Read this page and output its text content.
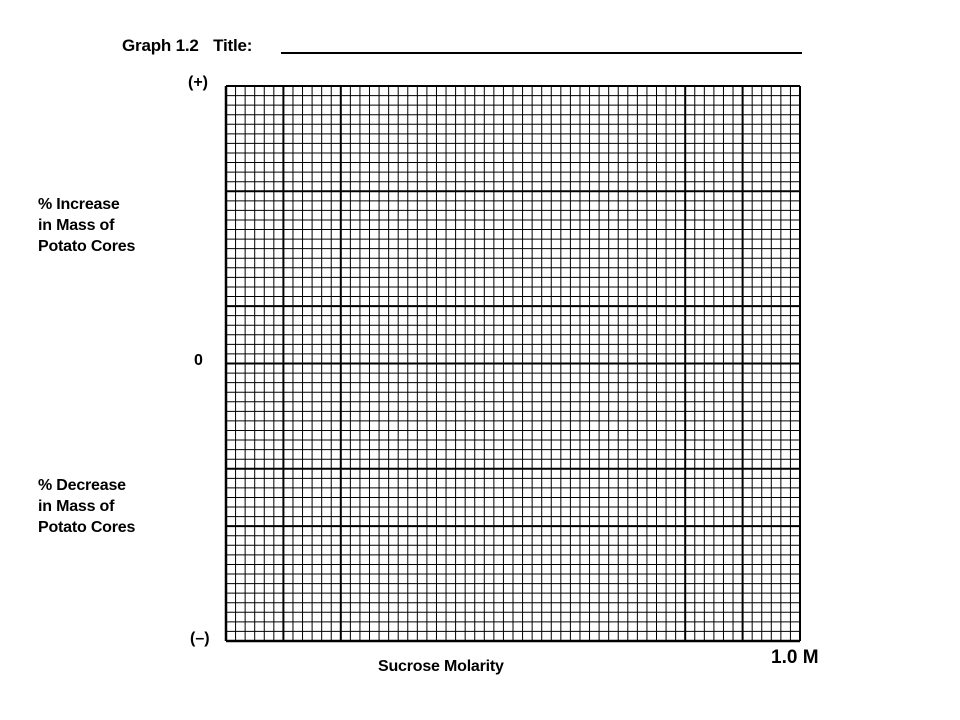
Graph 1.2 Title:
(+)
0
(–)
% Increase
in Mass of
Potato Cores
% Decrease
in Mass of
Potato Cores
Sucrose Molarity	1.0 M
